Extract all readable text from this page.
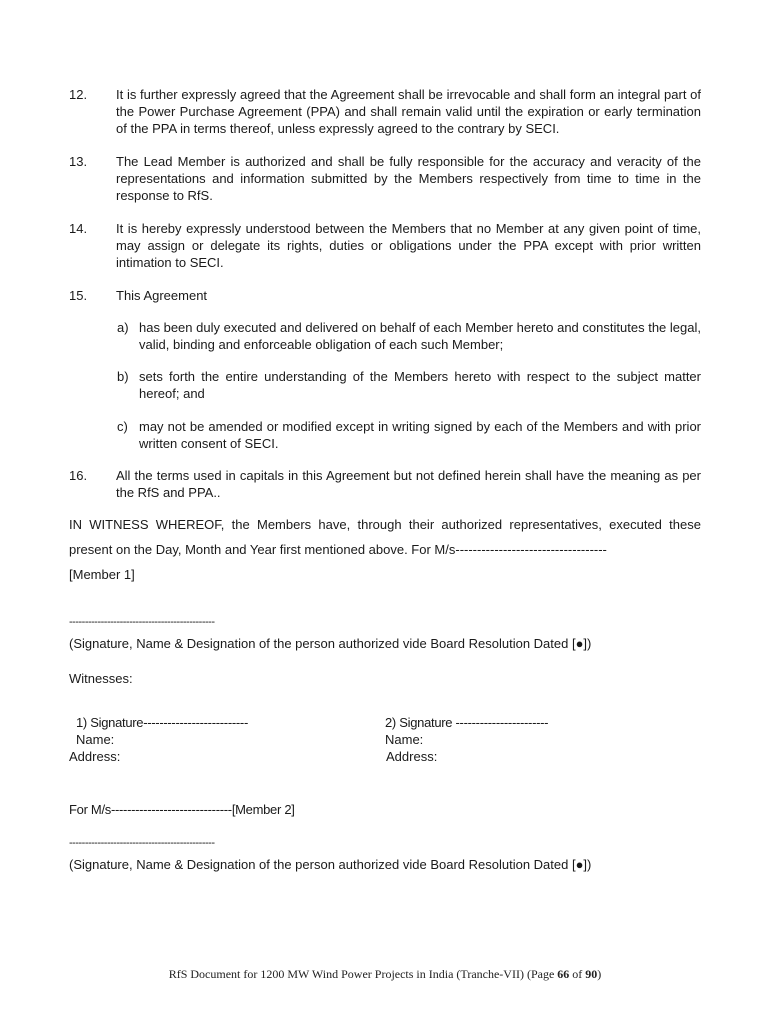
12.	It is further expressly agreed that the Agreement shall be irrevocable and shall form an integral part of the Power Purchase Agreement (PPA) and shall remain valid until the expiration or early termination of the PPA in terms thereof, unless expressly agreed to the contrary by SECI.
13.	The Lead Member is authorized and shall be fully responsible for the accuracy and veracity of the representations and information submitted by the Members respectively from time to time in the response to RfS.
14.	It is hereby expressly understood between the Members that no Member at any given point of time, may assign or delegate its rights, duties or obligations under the PPA except with prior written intimation to SECI.
15.	This Agreement
a) has been duly executed and delivered on behalf of each Member hereto and constitutes the legal, valid, binding and enforceable obligation of each such Member;
b) sets forth the entire understanding of the Members hereto with respect to the subject matter hereof; and
c) may not be amended or modified except in writing signed by each of the Members and with prior written consent of SECI.
16.	All the terms used in capitals in this Agreement but not defined herein shall have the meaning as per the RfS and PPA..
IN WITNESS WHEREOF, the Members have, through their authorized representatives, executed these present on the Day, Month and Year first mentioned above. For M/s-----------------------------------
[Member 1]
----------------------------------------------
(Signature, Name & Designation of the person authorized vide Board Resolution Dated [●])
Witnesses:
1) Signature--------------------------
Name:
Address:
2) Signature -----------------------
Name:
Address:
For M/s------------------------------[Member 2]
----------------------------------------------
(Signature, Name & Designation of the person authorized vide Board Resolution Dated [●])
RfS Document for 1200 MW Wind Power Projects in India (Tranche-VII) (Page 66 of 90)
